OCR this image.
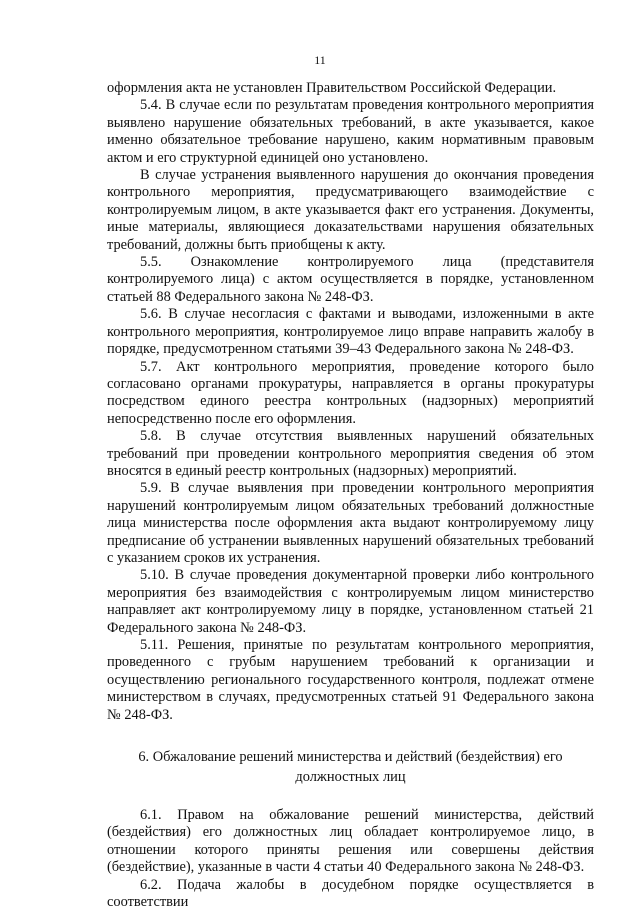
11

оформления акта не установлен Правительством Российской Федерации.

5.4. В случае если по результатам проведения контрольного мероприятия выявлено нарушение обязательных требований, в акте указывается, какое именно обязательное требование нарушено, каким нормативным правовым актом и его структурной единицей оно установлено.

В случае устранения выявленного нарушения до окончания проведения контрольного мероприятия, предусматривающего взаимодействие с контролируемым лицом, в акте указывается факт его устранения. Документы, иные материалы, являющиеся доказательствами нарушения обязательных требований, должны быть приобщены к акту.

5.5. Ознакомление контролируемого лица (представителя контролируемого лица) с актом осуществляется в порядке, установленном статьей 88 Федерального закона № 248-ФЗ.

5.6. В случае несогласия с фактами и выводами, изложенными в акте контрольного мероприятия, контролируемое лицо вправе направить жалобу в порядке, предусмотренном статьями 39–43 Федерального закона № 248-ФЗ.

5.7. Акт контрольного мероприятия, проведение которого было согласовано органами прокуратуры, направляется в органы прокуратуры посредством единого реестра контрольных (надзорных) мероприятий непосредственно после его оформления.

5.8. В случае отсутствия выявленных нарушений обязательных требований при проведении контрольного мероприятия сведения об этом вносятся в единый реестр контрольных (надзорных) мероприятий.

5.9. В случае выявления при проведении контрольного мероприятия нарушений контролируемым лицом обязательных требований должностные лица министерства после оформления акта выдают контролируемому лицу предписание об устранении выявленных нарушений обязательных требований с указанием сроков их устранения.

5.10. В случае проведения документарной проверки либо контрольного мероприятия без взаимодействия с контролируемым лицом министерство направляет акт контролируемому лицу в порядке, установленном статьей 21 Федерального закона № 248-ФЗ.

5.11. Решения, принятые по результатам контрольного мероприятия, проведенного с грубым нарушением требований к организации и осуществлению регионального государственного контроля, подлежат отмене министерством в случаях, предусмотренных статьей 91 Федерального закона № 248-ФЗ.

6. Обжалование решений министерства и действий (бездействия) его
должностных лиц

6.1. Правом на обжалование решений министерства, действий (бездействия) его должностных лиц обладает контролируемое лицо, в отношении которого приняты решения или совершены действия (бездействие), указанные в части 4 статьи 40 Федерального закона № 248-ФЗ.

6.2. Подача жалобы в досудебном порядке осуществляется в соответствии
